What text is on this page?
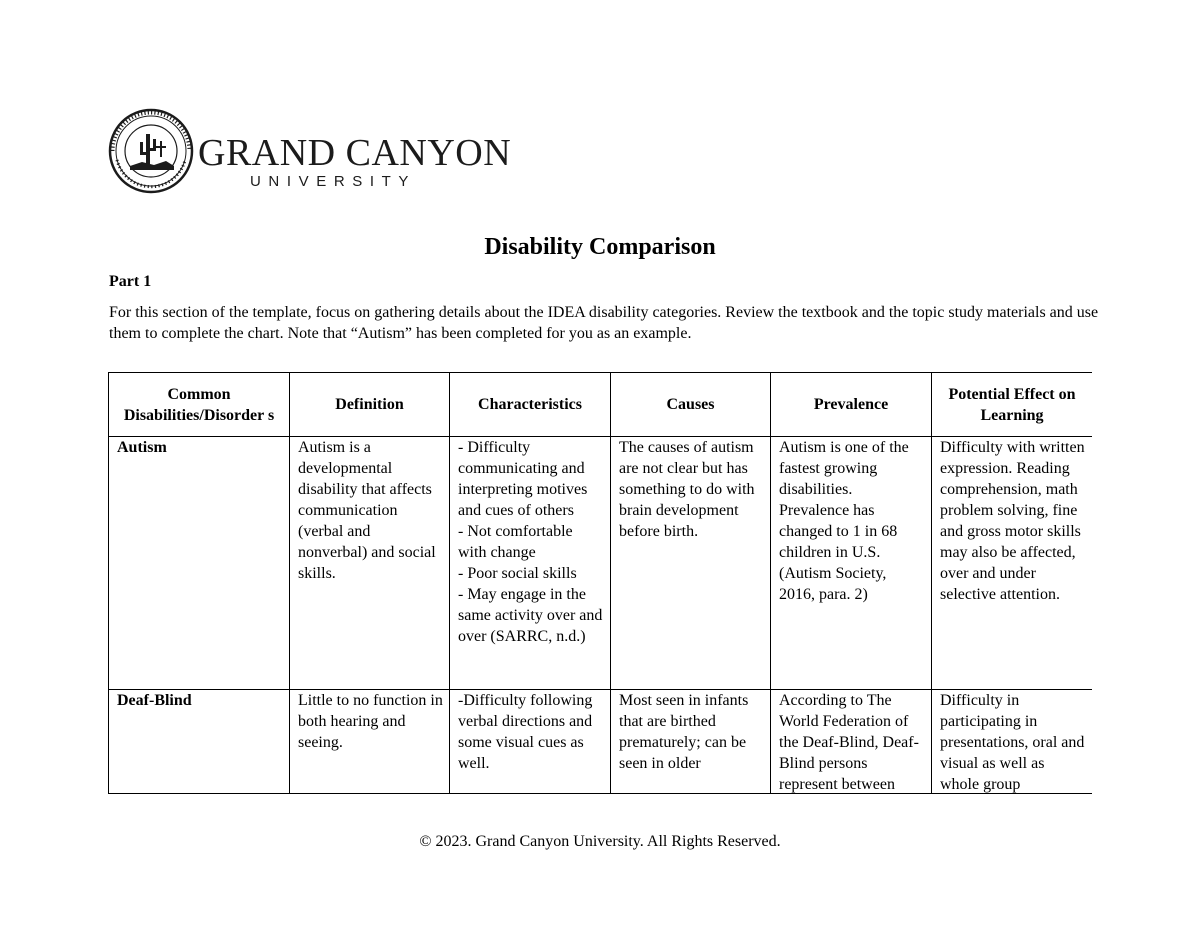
GRAND CANYON
UNIVERSITY
Disability Comparison
Part 1
For this section of the template, focus on gathering details about the IDEA disability categories. Review the textbook and the topic study materials and use them to complete the chart. Note that “Autism” has been completed for you as an example.
Common Disabilities/Disorder s	Definition	Characteristics	Causes	Prevalence	Potential Effect on Learning
Autism	Autism is a developmental disability that affects communication (verbal and nonverbal) and social skills.	- Difficulty communicating and interpreting motives and cues of others
- Not comfortable with change
- Poor social skills
- May engage in the same activity over and over (SARRC, n.d.)	The causes of autism are not clear but has something to do with brain development before birth.	Autism is one of the fastest growing disabilities. Prevalence has changed to 1 in 68 children in U.S. (Autism Society, 2016, para. 2)	Difficulty with written expression. Reading comprehension, math problem solving, fine and gross motor skills may also be affected, over and under selective attention.
Deaf-Blind	Little to no function in both hearing and seeing.	-Difficulty following verbal directions and some visual cues as well.	Most seen in infants that are birthed prematurely; can be seen in older	According to The World Federation of the Deaf-Blind, Deaf-Blind persons represent between	Difficulty in participating in presentations, oral and visual as well as whole group
© 2023. Grand Canyon University. All Rights Reserved.
